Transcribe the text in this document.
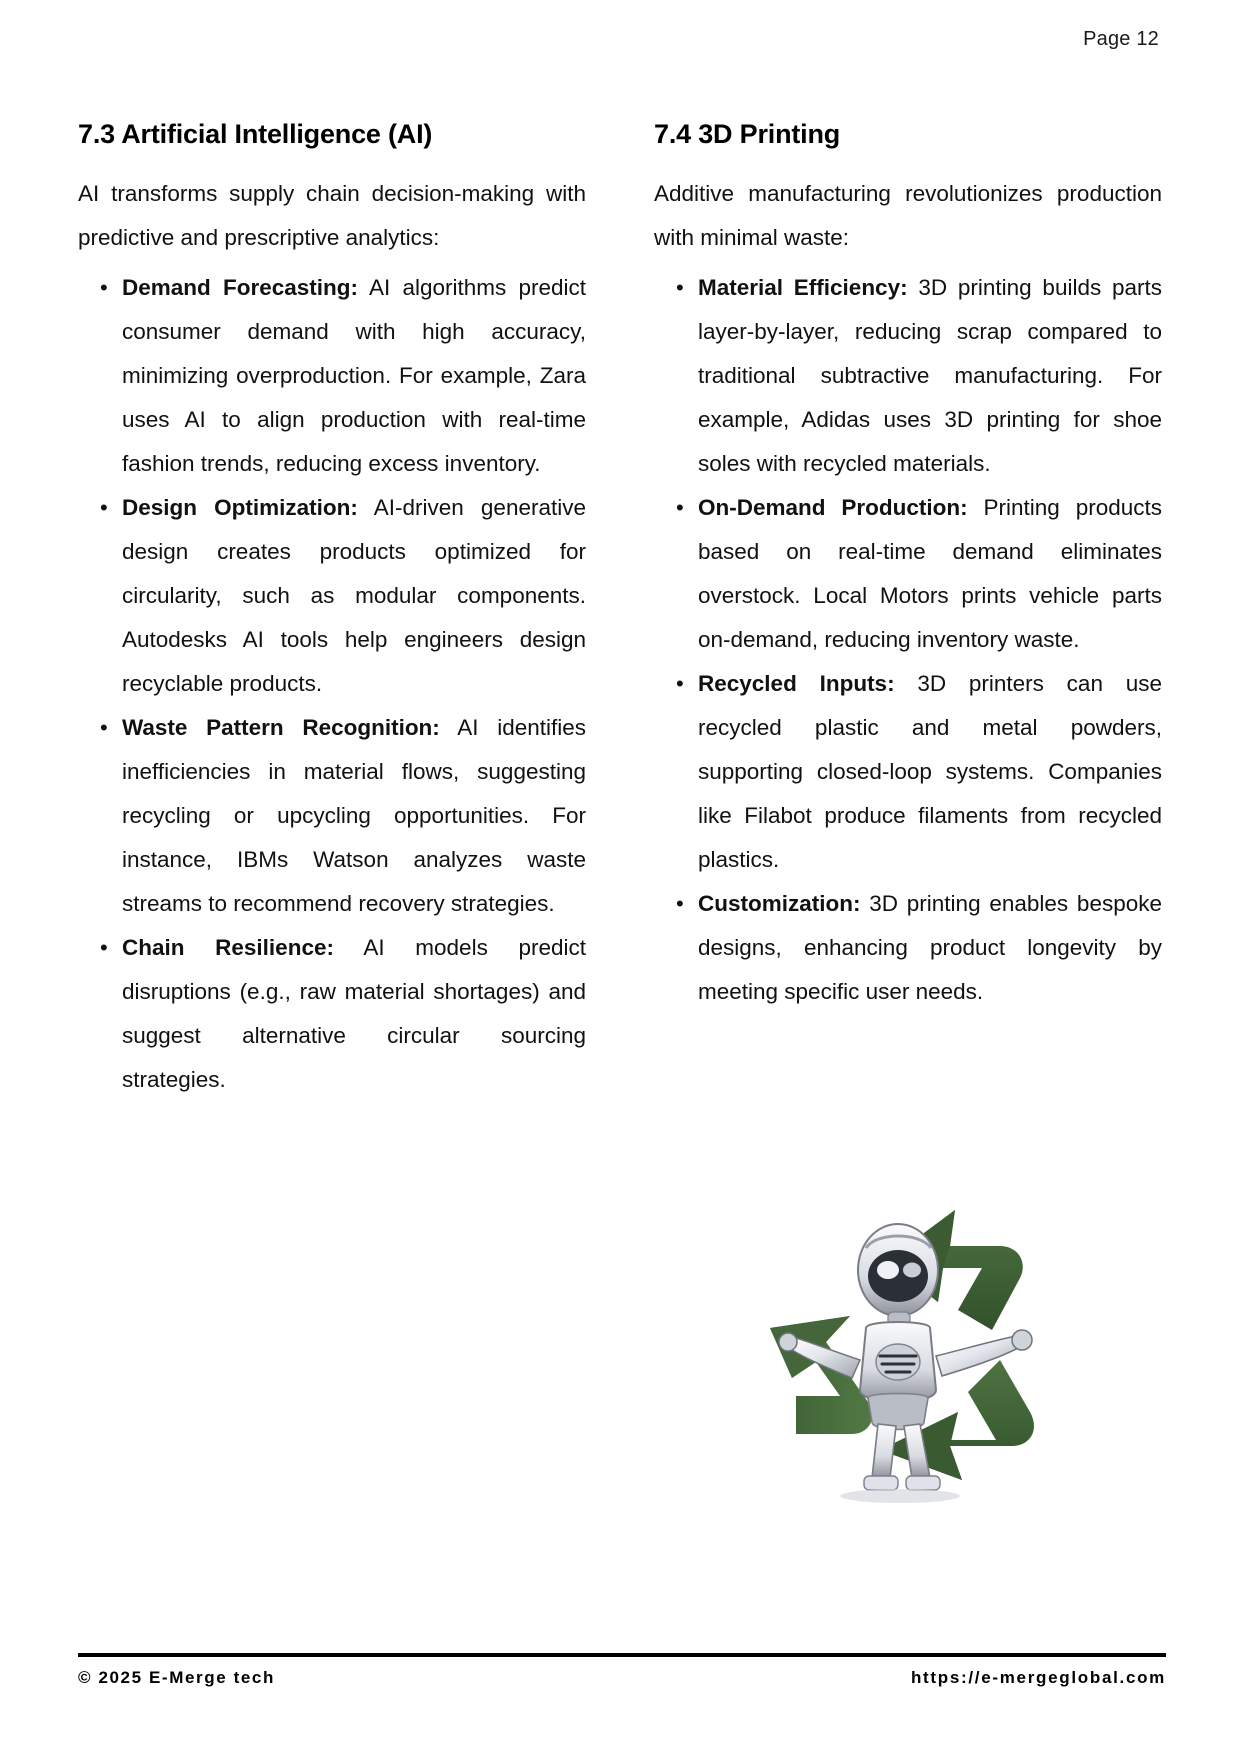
Page 12
7.3 Artificial Intelligence (AI)

AI transforms supply chain decision-making with predictive and prescriptive analytics:

• Demand Forecasting: AI algorithms predict consumer demand with high accuracy, minimizing overproduction. For example, Zara uses AI to align production with real-time fashion trends, reducing excess inventory.
• Design Optimization: AI-driven generative design creates products optimized for circularity, such as modular components. Autodesks AI tools help engineers design recyclable products.
• Waste Pattern Recognition: AI identifies inefficiencies in material flows, suggesting recycling or upcycling opportunities. For instance, IBMs Watson analyzes waste streams to recommend recovery strategies.
• Chain Resilience: AI models predict disruptions (e.g., raw material shortages) and suggest alternative circular sourcing strategies.
7.4 3D Printing

Additive manufacturing revolutionizes production with minimal waste:

• Material Efficiency: 3D printing builds parts layer-by-layer, reducing scrap compared to traditional subtractive manufacturing. For example, Adidas uses 3D printing for shoe soles with recycled materials.
• On-Demand Production: Printing products based on real-time demand eliminates overstock. Local Motors prints vehicle parts on-demand, reducing inventory waste.
• Recycled Inputs: 3D printers can use recycled plastic and metal powders, supporting closed-loop systems. Companies like Filabot produce filaments from recycled plastics.
• Customization: 3D printing enables bespoke designs, enhancing product longevity by meeting specific user needs.
© 2025 E-Merge tech	https://e-mergeglobal.com
